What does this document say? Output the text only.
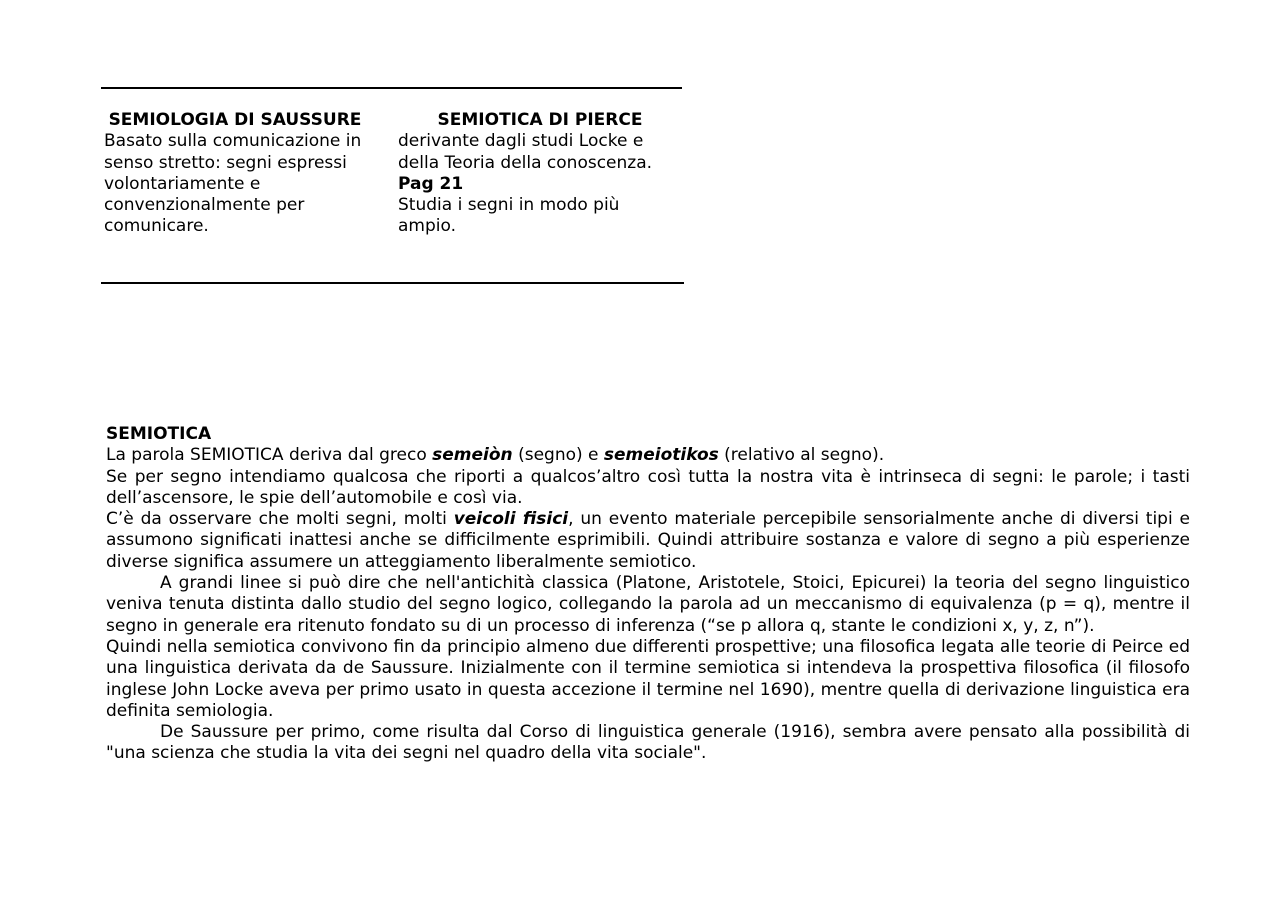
SEMIOLOGIA DI SAUSSURE
Basato sulla comunicazione in senso stretto: segni espressi volontariamente e convenzionalmente per comunicare.
SEMIOTICA DI PIERCE
derivante dagli studi Locke e della Teoria della conoscenza.
Pag 21
Studia i segni in modo più ampio.
SEMIOTICA

La parola SEMIOTICA deriva dal greco semeiòn (segno) e semeiotikos (relativo al segno).

Se per segno intendiamo qualcosa che riporti a qualcos’altro così tutta la nostra vita è intrinseca di segni: le parole; i tasti dell’ascensore, le spie dell’automobile e così via.

C’è da osservare che molti segni, molti veicoli fisici, un evento materiale percepibile sensorialmente anche di diversi tipi e assumono significati inattesi anche se difficilmente esprimibili. Quindi attribuire sostanza e valore di segno a più esperienze diverse significa assumere un atteggiamento liberalmente semiotico.

A grandi linee si può dire che nell'antichità classica (Platone, Aristotele, Stoici, Epicurei) la teoria del segno linguistico veniva tenuta distinta dallo studio del segno logico, collegando la parola ad un meccanismo di equivalenza (p = q), mentre il segno in generale era ritenuto fondato su di un processo di inferenza (“se p allora q, stante le condizioni x, y, z, n”).

Quindi nella semiotica convivono fin da principio almeno due differenti prospettive; una filosofica legata alle teorie di Peirce ed una linguistica derivata da de Saussure. Inizialmente con il termine semiotica si intendeva la prospettiva filosofica (il filosofo inglese John Locke aveva per primo usato in questa accezione il termine nel 1690), mentre quella di derivazione linguistica era definita semiologia.

De Saussure per primo, come risulta dal Corso di linguistica generale (1916), sembra avere pensato alla possibilità di "una scienza che studia la vita dei segni nel quadro della vita sociale".
